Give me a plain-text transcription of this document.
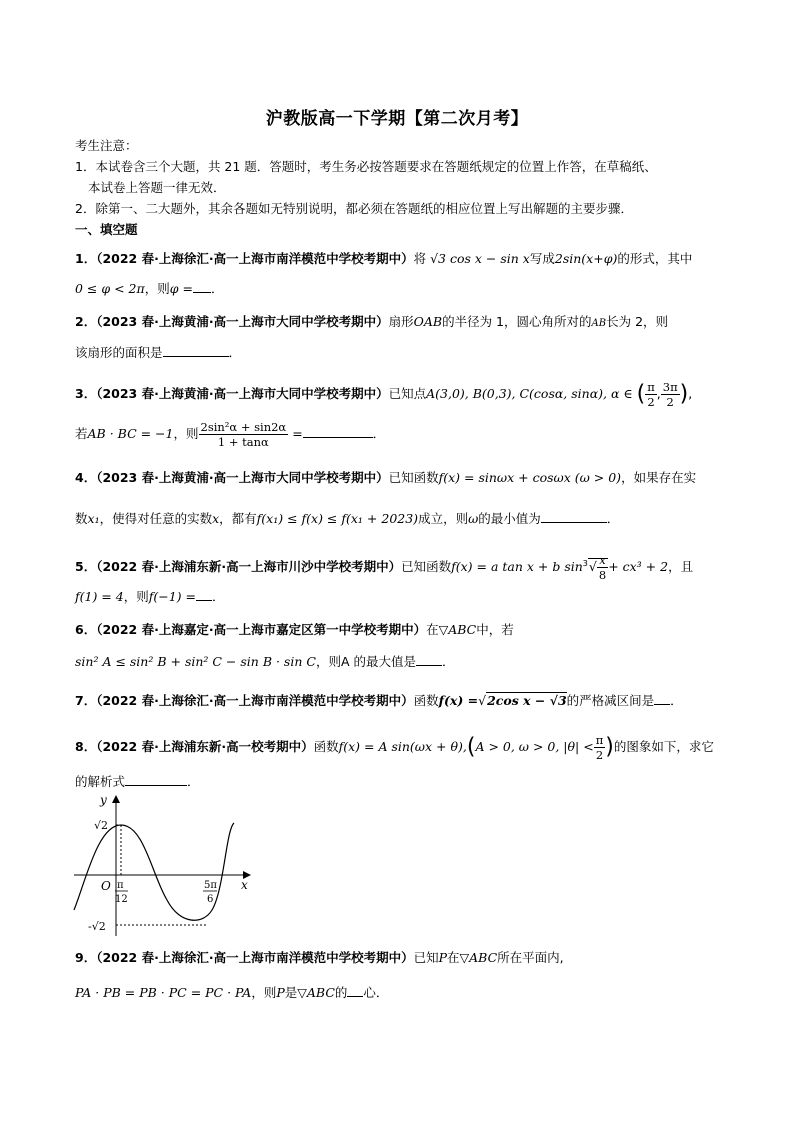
沪教版高一下学期【第二次月考】
考生注意：
1．本试卷含三个大题，共 21 题．答题时，考生务必按答题要求在答题纸规定的位置上作答，在草稿纸、
本试卷上答题一律无效．
2．除第一、二大题外，其余各题如无特别说明，都必须在答题纸的相应位置上写出解题的主要步骤．
一、填空题
1．（2022 春·上海徐汇·高一上海市南洋模范中学校考期中）将 √3 cos x − sin x写成2sin(x+φ)的形式，其中
0 ≤ φ < 2π，则φ = ．
2．（2023 春·上海黄浦·高一上海市大同中学校考期中）扇形OAB的半径为 1，圆心角所对的AB长为 2，则
该扇形的面积是	．
3．（2023 春·上海黄浦·高一上海市大同中学校考期中）已知点A(3,0), B(0,3), C(cosα, sinα), α ∈ ( $\frac{\pi}{2}$ , $\frac{3\pi}{2}$ ),
若AB · BC = −1，则 $\frac{\text{2sin²α + sin2α}}{1 + \tan\alpha}$ =	．
4．（2023 春·上海黄浦·高一上海市大同中学校考期中）已知函数f(x) = sinωx + cosωx (ω > 0)，如果存在实
数x₁，使得对任意的实数x，都有f(x₁) ≤ f(x) ≤ f(x₁ + 2023)成立，则ω的最小值为	．
5．（2022 春·上海浦东新·高一上海市川沙中学校考期中）已知函数f(x) = a tan x + b $\sin^3√ \frac{x}{8} + cx^3 + 2$，且
f(1) = 4，则f(−1) = ．
6．（2022 春·上海嘉定·高一上海市嘉定区第一中学校考期中）在▽ABC中，若
sin² A ≤ sin² B + sin² C − sin B · sin C，则A 的最大值是 ．
7．（2022 春·上海徐汇·高一上海市南洋模范中学校考期中）函数f(x) =√2cos x − √3的严格减区间是 ．
8．（2022 春·上海浦东新·高一校考期中）函数f(x) = A sin(ωx + θ),(A > 0, ω > 0, $|\theta| < \frac{\pi}{2}$ )的图象如下，求它
的解析式	．
y
x
O
√2
-√2
π
12
5π
6
9．（2022 春·上海徐汇·高一上海市南洋模范中学校考期中）已知P在▽ABC所在平面内,
PA · PB = PB · PC = PC · PA，则P是▽ABC的 心．
